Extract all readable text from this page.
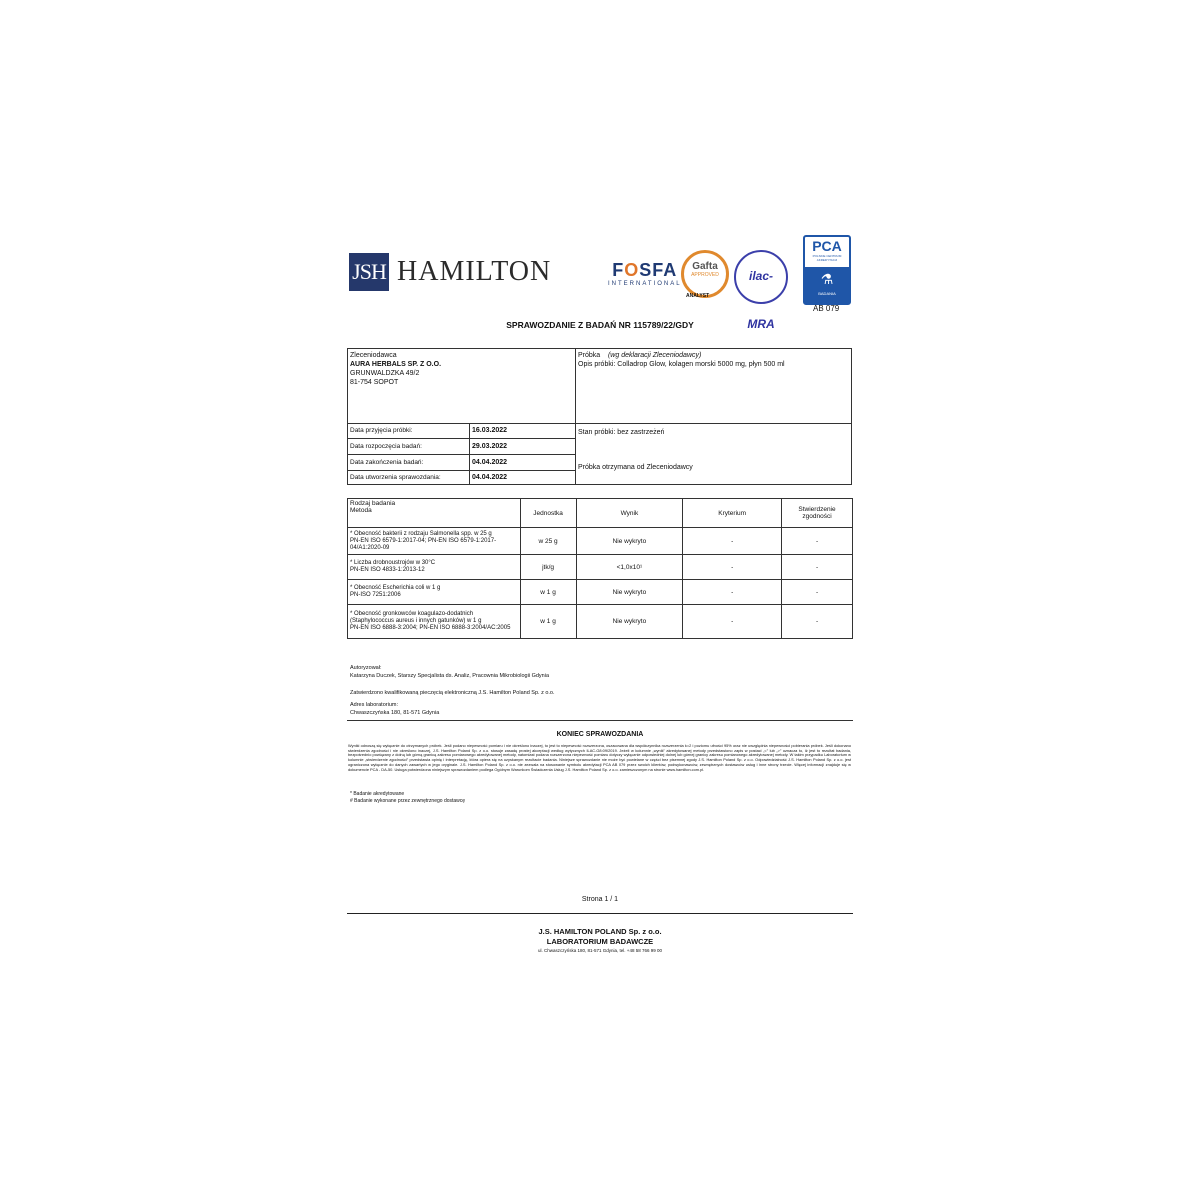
JSH HAMILTON	FOSFA
INTERNATIONAL
Gafta
APPROVED
ANALYST
ilac-MRA
PCA
POLSKIE CENTRUM AKREDYTACJI
⚗
BADANIA
AB 079
SPRAWOZDANIE Z BADAŃ NR 115789/22/GDY
Zleceniodawca
AURA HERBALS SP. Z O.O.
GRUNWALDZKA 49/2
81-754 SOPOT
Próbka (wg deklaracji Zleceniodawcy)
Opis próbki: Colladrop Glow, kolagen morski 5000 mg, płyn 500 ml
Data przyjęcia próbki:	16.03.2022
Data rozpoczęcia badań:	29.03.2022
Data zakończenia badań:	04.04.2022
Data utworzenia sprawozdania:	04.04.2022
Stan próbki: bez zastrzeżeń
Próbka otrzymana od Zleceniodawcy
Rodzaj badania
Metoda	Jednostka	Wynik	Kryterium	Stwierdzenie zgodności
* Obecność bakterii z rodzaju Salmonella spp. w 25 g
PN-EN ISO 6579-1:2017-04; PN-EN ISO 6579-1:2017-04/A1:2020-09	w 25 g	Nie wykryto	-	-
* Liczba drobnoustrojów w 30°C
PN-EN ISO 4833-1:2013-12	jtk/g	<1,0x10¹	-	-
* Obecność Escherichia coli w 1 g
PN-ISO 7251:2006	w 1 g	Nie wykryto	-	-
* Obecność gronkowców koagulazo-dodatnich (Staphylococcus aureus i innych gatunków) w 1 g
PN-EN ISO 6888-3:2004; PN-EN ISO 6888-3:2004/AC:2005	w 1 g	Nie wykryto	-	-
Autoryzował:
Katarzyna Duczek, Starszy Specjalista ds. Analiz, Pracownia Mikrobiologii Gdynia
Zatwierdzono kwalifikowaną pieczęcią elektroniczną J.S. Hamilton Poland Sp. z o.o.
Adres laboratorium:
Chwaszczyńska 180, 81-571 Gdynia
KONIEC SPRAWOZDANIA
Wyniki odnoszą się wyłącznie do otrzymanych próbek. Jeśli podano niepewność pomiaru i nie określono inaczej, to jest to niepewność rozszerzona, oszacowana dla współczynnika rozszerzenia k=2 i poziomu ufności 95% oraz nie uwzględnia niepewności pobierania próbek. Jeśli dokonano stwierdzenia zgodności i nie określono inaczej, J.S. Hamilton Poland Sp. z o.o. stosuje zasadę prostej akceptacji według wytycznych ILAC-G8:09/2019. Jeżeli w kolumnie „wynik” akredytowanej metody przedstawiono zapis w postaci „<” lub „>” oznacza to, iż jest to rezultat badania, bezpośrednio powiązany z dolną lub górną granicą zakresu pomiarowego akredytowanej metody, natomiast podana rozszerzona niepewność pomiaru dotyczy wyłącznie odpowiedniej dolnej lub górnej granicy zakresu pomiarowego akredytowanej metody. W takim przypadku Laboratorium w kolumnie „stwierdzenie zgodności” przedstawia opinię i interpretację, która opiera się na uzyskanym rezultacie badania. Niniejsze sprawozdanie nie może być powielane w części bez pisemnej zgody J.S. Hamilton Poland Sp. z o.o. Odpowiedzialność J.S. Hamilton Poland Sp. z o.o. jest ograniczona wyłącznie do danych zawartych w jego oryginale. J.S. Hamilton Poland Sp. z o.o. nie zezwala na stosowanie symbolu akredytacji PCA AB 079 przez swoich klientów, podwykonawców, zewnętrznych dostawców usług i inne strony trzecie. Więcej informacji znajduje się w dokumencie PCA - DA-50. Usługa potwierdzona niniejszym sprawozdaniem podlega Ogólnym Warunkom Świadczenia Usług J.S. Hamilton Poland Sp. z o.o. zamieszczonym na stronie www.hamilton.com.pl.
* Badanie akredytowane
# Badanie wykonane przez zewnętrznego dostawcę
Strona 1 / 1
J.S. HAMILTON POLAND Sp. z o.o.
LABORATORIUM BADAWCZE
ul. Chwaszczyńska 180, 81-571 Gdynia, tel. +48 58 766 99 00
